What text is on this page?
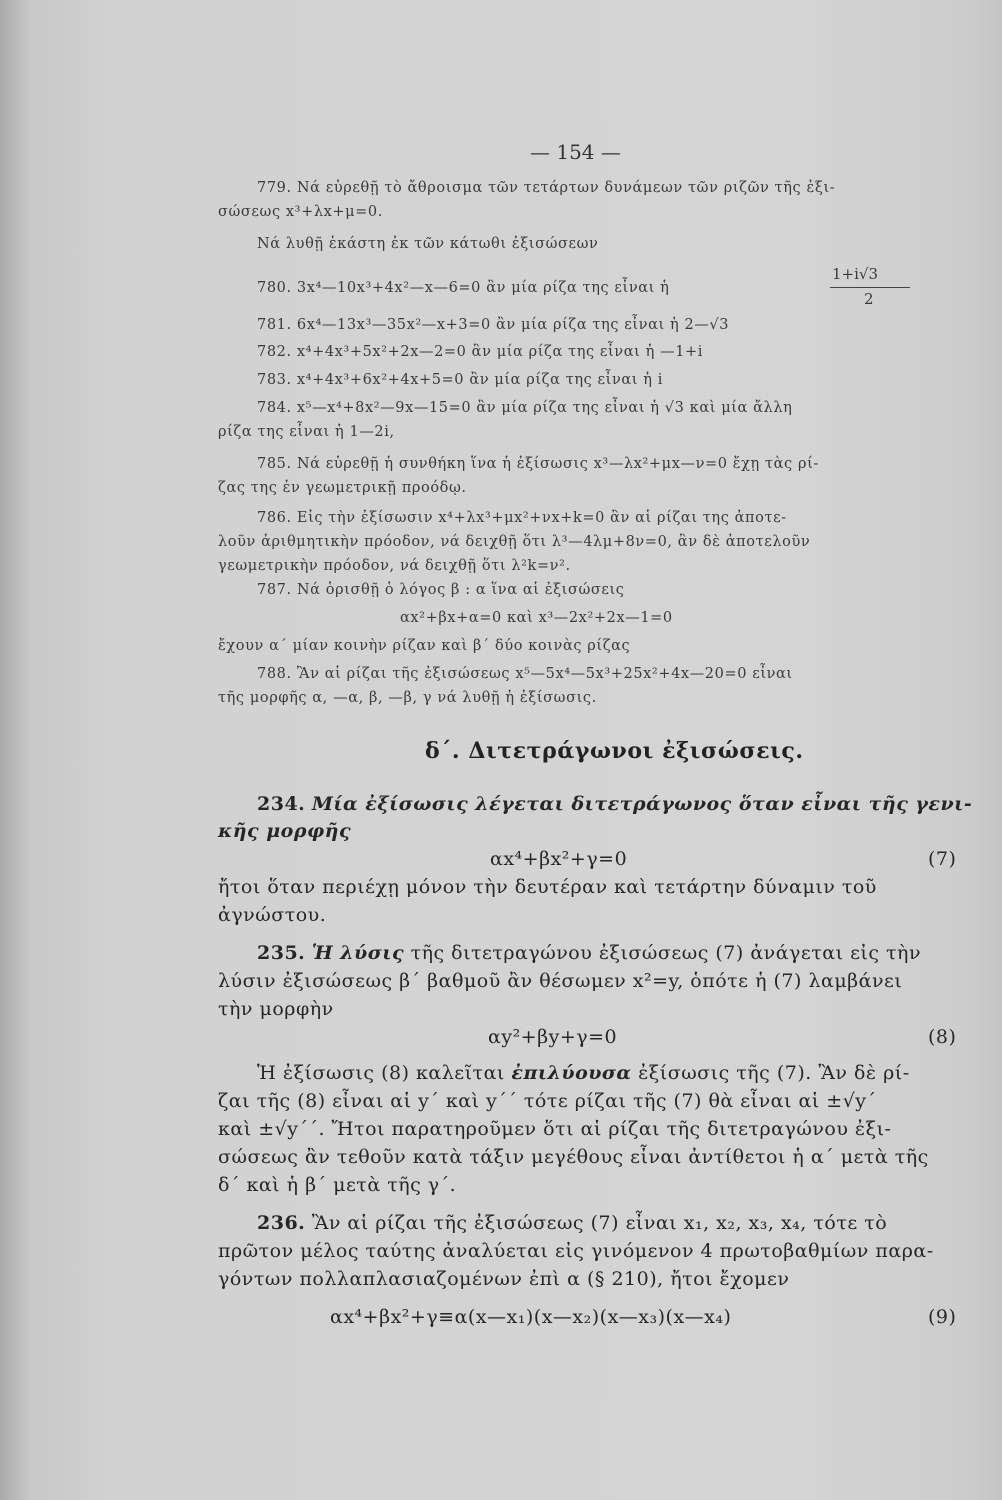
— 154 —
779. Νά εὑρεθῇ τὸ ἄθροισμα τῶν τετάρτων δυνάμεων τῶν ριζῶν τῆς ἐξι-
σώσεως x³+λx+μ=0.
Νά λυθῇ ἑκάστη ἐκ τῶν κάτωθι ἐξισώσεων
780. 3x⁴—10x³+4x²—x—6=0 ἂν μία ρίζα της εἶναι ἡ
1+i√3
2
781. 6x⁴—13x³—35x²—x+3=0 ἂν μία ρίζα της εἶναι ἡ 2—√3
782. x⁴+4x³+5x²+2x—2=0 ἂν μία ρίζα της εἶναι ἡ —1+i
783. x⁴+4x³+6x²+4x+5=0 ἂν μία ρίζα της εἶναι ἡ i
784. x⁵—x⁴+8x²—9x—15=0 ἂν μία ρίζα της εἶναι ἡ √3 καὶ μία ἄλλη
ρίζα της εἶναι ἡ 1—2i,
785. Νά εὑρεθῇ ἡ συνθήκη ἵνα ἡ ἐξίσωσις x³—λx²+μx—ν=0 ἔχῃ τὰς ρί-
ζας της ἐν γεωμετρικῇ προόδῳ.
786. Εἰς τὴν ἐξίσωσιν x⁴+λx³+μx²+νx+k=0 ἂν αἱ ρίζαι της ἀποτε-
λοῦν ἀριθμητικὴν πρόοδον, νά δειχθῇ ὅτι λ³—4λμ+8ν=0, ἂν δὲ ἀποτελοῦν
γεωμετρικὴν πρόοδον, νά δειχθῇ ὅτι λ²k=ν².
787. Νά ὁρισθῇ ὁ λόγος β : α ἵνα αἱ ἐξισώσεις
αx²+βx+α=0 καὶ x³—2x²+2x—1=0
ἔχουν α΄ μίαν κοινὴν ρίζαν καὶ β΄ δύο κοινὰς ρίζας
788. Ἂν αἱ ρίζαι τῆς ἐξισώσεως x⁵—5x⁴—5x³+25x²+4x—20=0 εἶναι
τῆς μορφῆς α, —α, β, —β, γ νά λυθῇ ἡ ἐξίσωσις.
δ΄. Διτετράγωνοι ἐξισώσεις.
234. Μία ἐξίσωσις λέγεται διτετράγωνος ὅταν εἶναι τῆς γενι-
κῆς μορφῆς
αx⁴+βx²+γ=0	(7)
ἤτοι ὅταν περιέχῃ μόνον τὴν δευτέραν καὶ τετάρτην δύναμιν τοῦ
ἀγνώστου.
235. Ἡ λύσις τῆς διτετραγώνου ἐξισώσεως (7) ἀνάγεται εἰς τὴν
λύσιν ἐξισώσεως β΄ βαθμοῦ ἂν θέσωμεν x²=y, ὁπότε ἡ (7) λαμβάνει
τὴν μορφὴν
αy²+βy+γ=0	(8)
Ἡ ἐξίσωσις (8) καλεῖται ἐπιλύουσα ἐξίσωσις τῆς (7). Ἂν δὲ ρί-
ζαι τῆς (8) εἶναι αἱ y΄ καὶ y΄΄ τότε ρίζαι τῆς (7) θὰ εἶναι αἱ ±√y΄
καὶ ±√y΄΄. Ἤτοι παρατηροῦμεν ὅτι αἱ ρίζαι τῆς διτετραγώνου ἐξι-
σώσεως ἂν τεθοῦν κατὰ τάξιν μεγέθους εἶναι ἀντίθετοι ἡ α΄ μετὰ τῆς
δ΄ καὶ ἡ β΄ μετὰ τῆς γ΄.
236. Ἂν αἱ ρίζαι τῆς ἐξισώσεως (7) εἶναι x₁, x₂, x₃, x₄, τότε τὸ
πρῶτον μέλος ταύτης ἀναλύεται εἰς γινόμενον 4 πρωτοβαθμίων παρα-
γόντων πολλαπλασιαζομένων ἐπὶ α (§ 210), ἤτοι ἔχομεν
αx⁴+βx²+γ≡α(x—x₁)(x—x₂)(x—x₃)(x—x₄)	(9)
